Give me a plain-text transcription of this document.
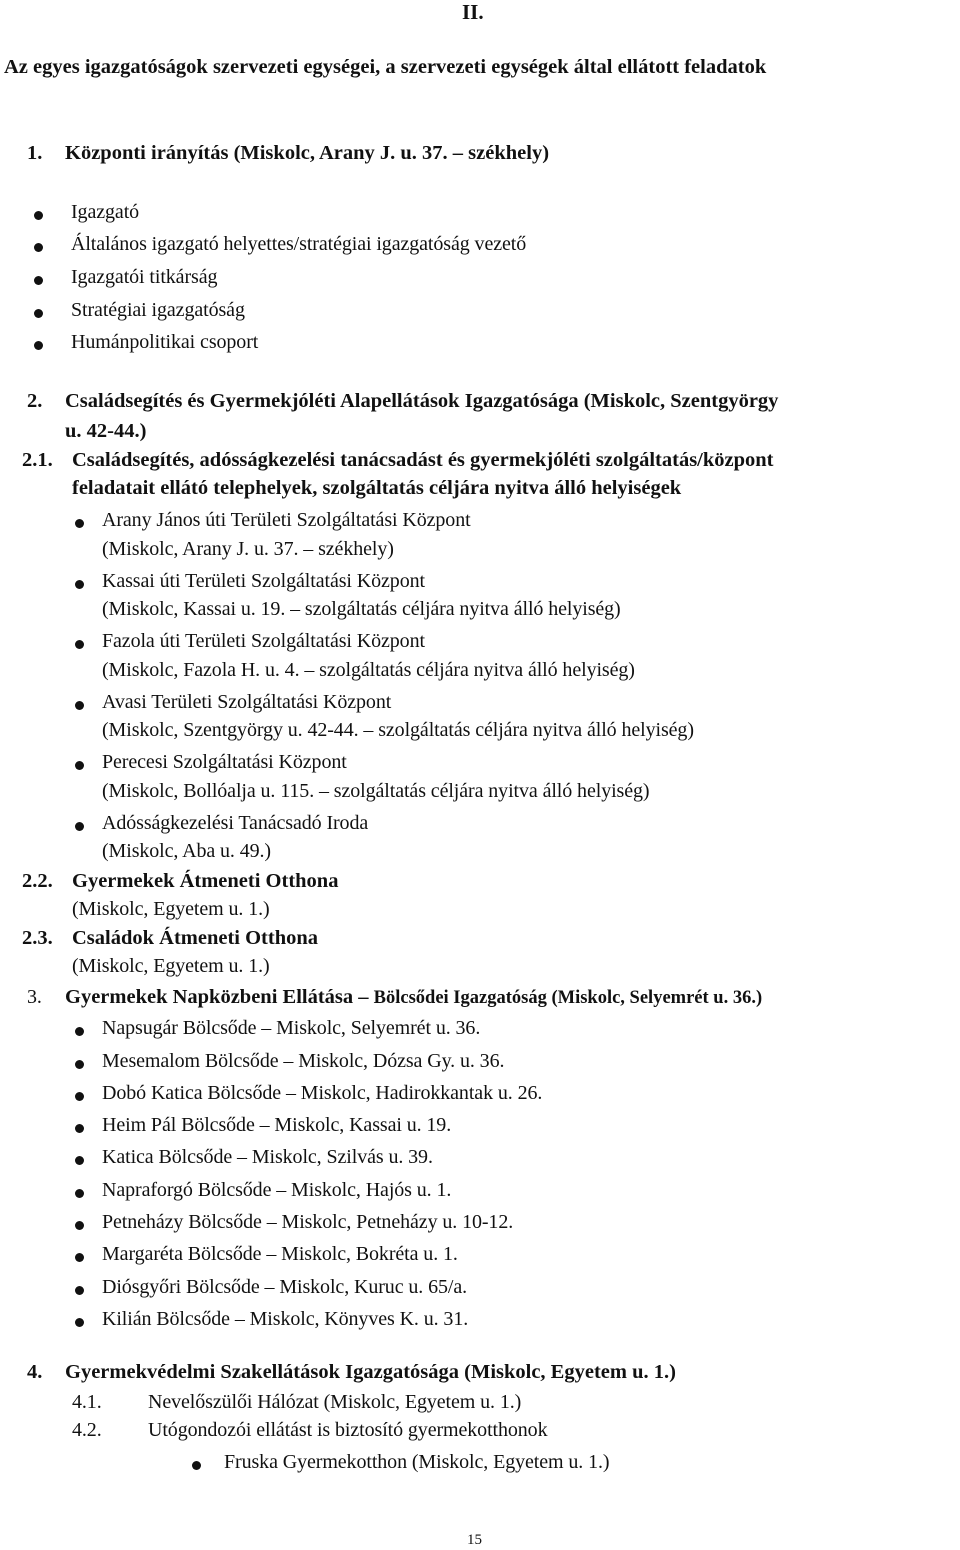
II.
Az egyes igazgatóságok szervezeti egységei, a szervezeti egységek által ellátott feladatok
1. Központi irányítás (Miskolc, Arany J. u. 37. – székhely)
Igazgató
Általános igazgató helyettes/stratégiai igazgatóság vezető
Igazgatói titkárság
Stratégiai igazgatóság
Humánpolitikai csoport
2. Családsegítés és Gyermekjóléti Alapellátások Igazgatósága (Miskolc, Szentgyörgy
u. 42-44.)
2.1. Családsegítés, adósságkezelési tanácsadást és gyermekjóléti szolgáltatás/központ
feladatait ellátó telephelyek, szolgáltatás céljára nyitva álló helyiségek
Arany János úti Területi Szolgáltatási Központ
(Miskolc, Arany J. u. 37. – székhely)
Kassai úti Területi Szolgáltatási Központ
(Miskolc, Kassai u. 19. – szolgáltatás céljára nyitva álló helyiség)
Fazola úti Területi Szolgáltatási Központ
(Miskolc, Fazola H. u. 4. – szolgáltatás céljára nyitva álló helyiség)
Avasi Területi Szolgáltatási Központ
(Miskolc, Szentgyörgy u. 42-44. – szolgáltatás céljára nyitva álló helyiség)
Perecesi Szolgáltatási Központ
(Miskolc, Bollóalja u. 115. – szolgáltatás céljára nyitva álló helyiség)
Adósságkezelési Tanácsadó Iroda
(Miskolc, Aba u. 49.)
2.2. Gyermekek Átmeneti Otthona
(Miskolc, Egyetem u. 1.)
2.3. Családok Átmeneti Otthona
(Miskolc, Egyetem u. 1.)
3. Gyermekek Napközbeni Ellátása – Bölcsődei Igazgatóság (Miskolc, Selyemrét u. 36.)
Napsugár Bölcsőde – Miskolc, Selyemrét u. 36.
Mesemalom Bölcsőde – Miskolc, Dózsa Gy. u. 36.
Dobó Katica Bölcsőde – Miskolc, Hadirokkantak u. 26.
Heim Pál Bölcsőde – Miskolc, Kassai u. 19.
Katica Bölcsőde – Miskolc, Szilvás u. 39.
Napraforgó Bölcsőde – Miskolc, Hajós u. 1.
Petneházy Bölcsőde – Miskolc, Petneházy u. 10-12.
Margaréta Bölcsőde – Miskolc, Bokréta u. 1.
Diósgyőri Bölcsőde – Miskolc, Kuruc u. 65/a.
Kilián Bölcsőde – Miskolc, Könyves K. u. 31.
4. Gyermekvédelmi Szakellátások Igazgatósága (Miskolc, Egyetem u. 1.)
4.1. Nevelőszülői Hálózat (Miskolc, Egyetem u. 1.)
4.2. Utógondozói ellátást is biztosító gyermekotthonok
Fruska Gyermekotthon (Miskolc, Egyetem u. 1.)
15
